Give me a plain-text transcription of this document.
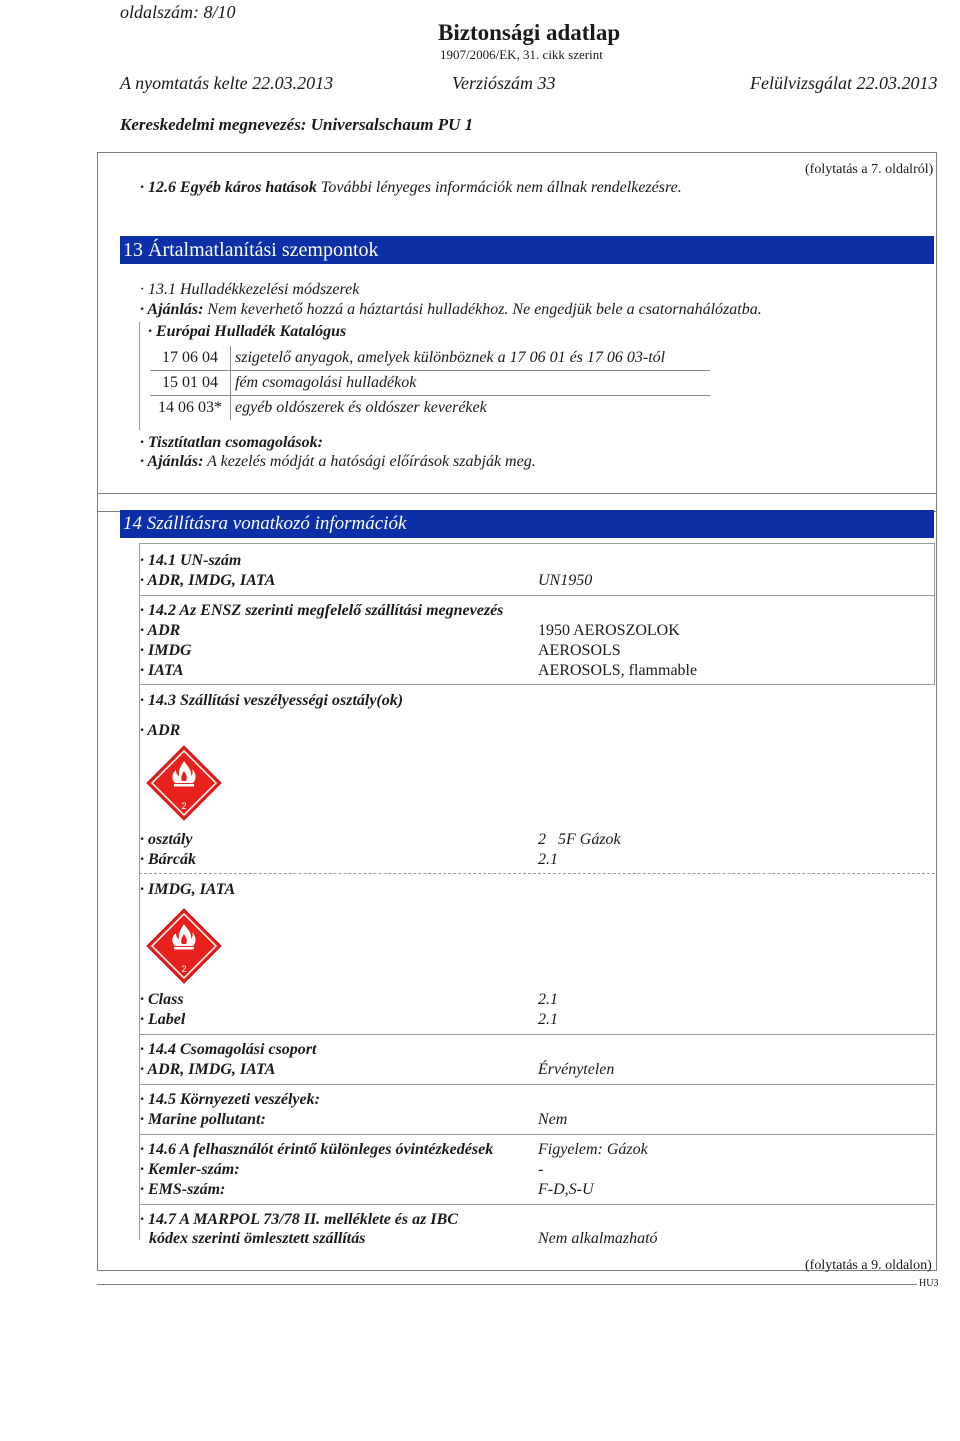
oldalszám: 8/10
Biztonsági adatlap
1907/2006/EK, 31. cikk szerint
A nyomtatás kelte 22.03.2013	Verziószám 33	Felülvizsgálat 22.03.2013
Kereskedelmi megnevezés: Universalschaum PU 1
(folytatás a 7. oldalról)
· 12.6 Egyéb káros hatások További lényeges információk nem állnak rendelkezésre.
13 Ártalmatlanítási szempontok
· 13.1 Hulladékkezelési módszerek
· Ajánlás: Nem keverhető hozzá a háztartási hulladékhoz. Ne engedjük bele a csatornahálózatba.
· Európai Hulladék Katalógus
17 06 04	szigetelő anyagok, amelyek különböznek a 17 06 01 és 17 06 03-tól
15 01 04	fém csomagolási hulladékok
14 06 03*	egyéb oldószerek és oldószer keverékek
· Tisztítatlan csomagolások:
· Ajánlás: A kezelés módját a hatósági előírások szabják meg.
14 Szállításra vonatkozó információk
· 14.1 UN-szám
· ADR, IMDG, IATA	UN1950
· 14.2 Az ENSZ szerinti megfelelő szállítási megnevezés
· ADR	1950 AEROSZOLOK
· IMDG	AEROSOLS
· IATA	AEROSOLS, flammable
· 14.3 Szállítási veszélyességi osztály(ok)
· ADR
2
· osztály	2   5F Gázok
· Bárcák	2.1
· IMDG, IATA
2
· Class	2.1
· Label	2.1
· 14.4 Csomagolási csoport
· ADR, IMDG, IATA	Érvénytelen
· 14.5 Környezeti veszélyek:
· Marine pollutant:	Nem
· 14.6 A felhasználót érintő különleges óvintézkedések	Figyelem: Gázok
· Kemler-szám:	-
· EMS-szám:	F-D,S-U
· 14.7 A MARPOL 73/78 II. melléklete és az IBC
kódex szerinti ömlesztett szállítás	Nem alkalmazható
(folytatás a 9. oldalon)
HU3
